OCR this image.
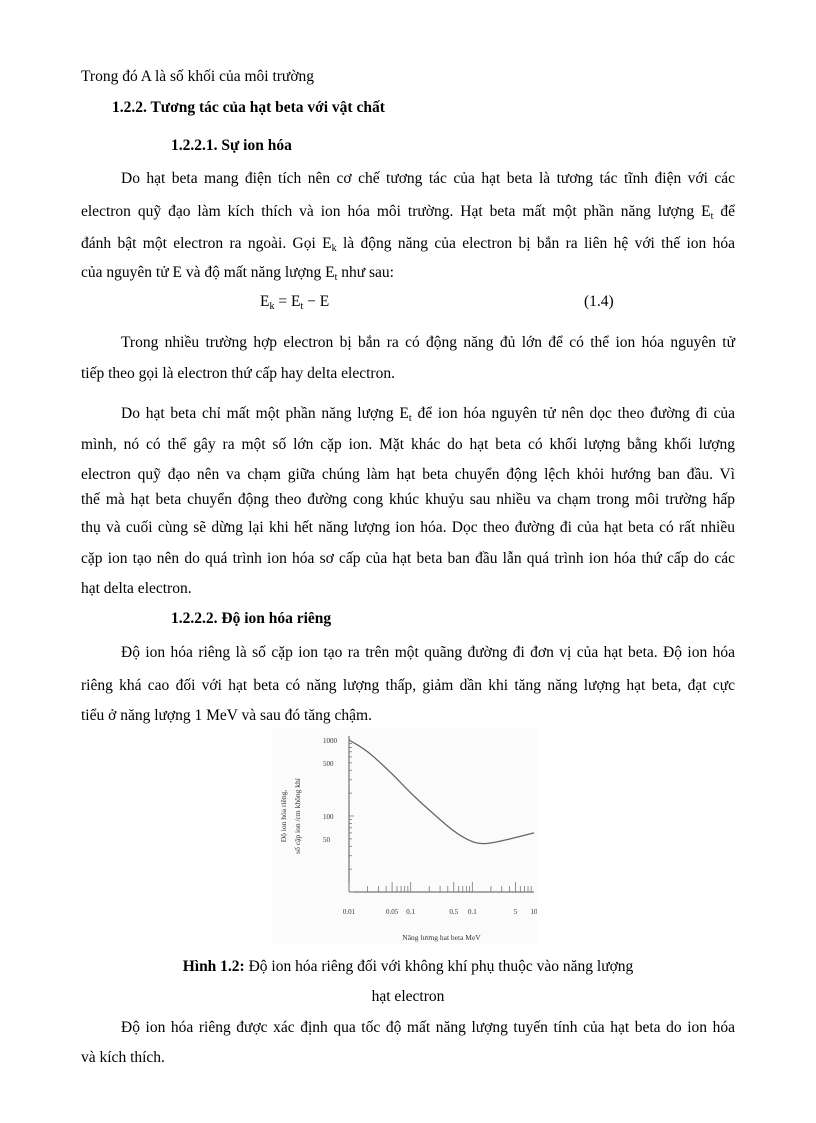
Trong đó A là số khối của môi trường
1.2.2. Tương tác của hạt beta với vật chất
1.2.2.1. Sự ion hóa
Do hạt beta mang điện tích nên cơ chế tương tác của hạt beta là tương tác tĩnh điện với các
electron quỹ đạo làm kích thích và ion hóa môi trường. Hạt beta mất một phần năng lượng $E_t$ để
đánh bật một electron ra ngoài. Gọi $E_k$ là động năng của electron bị bắn ra liên hệ với thế ion hóa
của nguyên tử E và độ mất năng lượng $E_t$ như sau:
$E_k = E_t - E$	(1.4)
Trong nhiều trường hợp electron bị bắn ra có động năng đủ lớn để có thể ion hóa nguyên tử
tiếp theo gọi là electron thứ cấp hay delta electron.
Do hạt beta chỉ mất một phần năng lượng $E_t$ để ion hóa nguyên tử nên dọc theo đường đi của
mình, nó có thể gây ra một số lớn cặp ion. Mặt khác do hạt beta có khối lượng bằng khối lượng
electron quỹ đạo nên va chạm giữa chúng làm hạt beta chuyển động lệch khỏi hướng ban đầu. Vì
thế mà hạt beta chuyển động theo đường cong khúc khuỷu sau nhiều va chạm trong môi trường hấp
thụ và cuối cùng sẽ dừng lại khi hết năng lượng ion hóa. Dọc theo đường đi của hạt beta có rất nhiều
cặp ion tạo nên do quá trình ion hóa sơ cấp của hạt beta ban đầu lẫn quá trình ion hóa thứ cấp do các
hạt delta electron.
1.2.2.2. Độ ion hóa riêng
Độ ion hóa riêng là số cặp ion tạo ra trên một quãng đường đi đơn vị của hạt beta. Độ ion hóa
riêng khá cao đối với hạt beta có năng lượng thấp, giảm dần khi tăng năng lượng hạt beta, đạt cực
tiểu ở năng lượng 1 MeV và sau đó tăng chậm.
1000
500
100
50
0.01	0.05 0.1	0.5 0.1	5 10
Năng lương hat beta MeV
Độ ion hóa riêng, số cặp ion /cm không khí
Hình 1.2: Độ ion hóa riêng đối với không khí phụ thuộc vào năng lượng
hạt electron
Độ ion hóa riêng được xác định qua tốc độ mất năng lượng tuyến tính của hạt beta do ion hóa
và kích thích.
